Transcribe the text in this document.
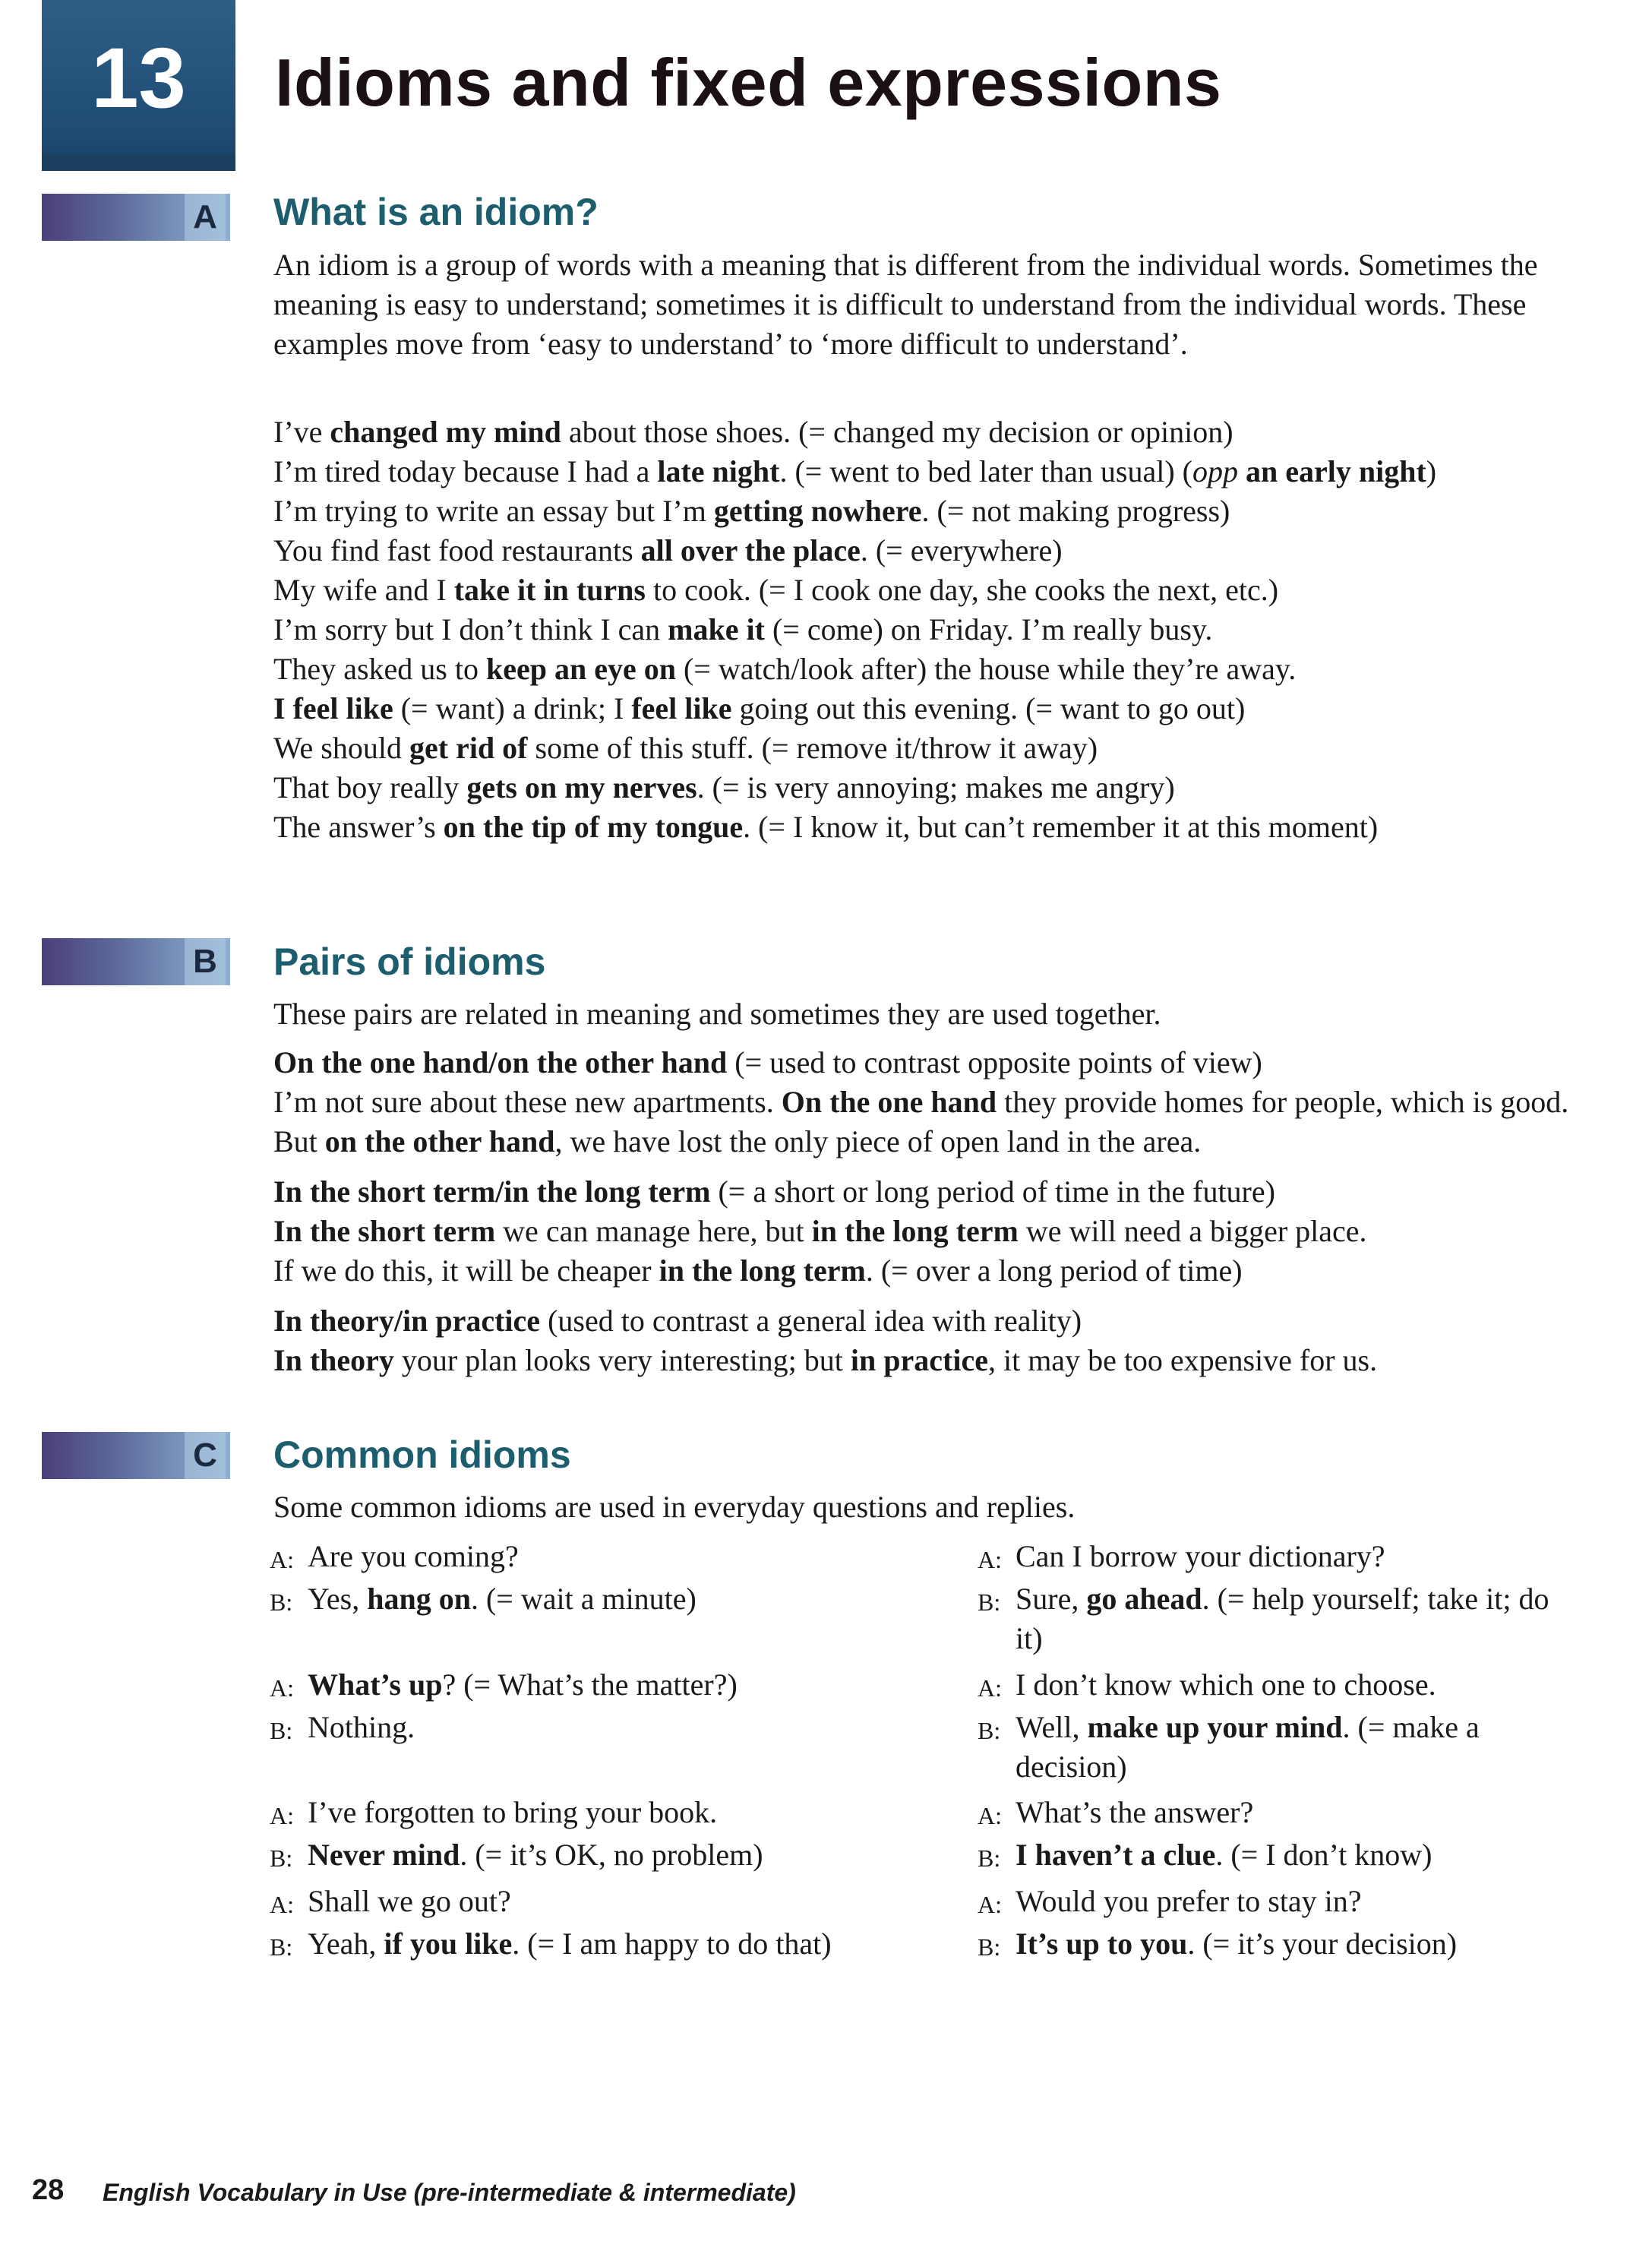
13	Idioms and fixed expressions
A What is an idiom?

An idiom is a group of words with a meaning that is different from the individual words. Sometimes the meaning is easy to understand; sometimes it is difficult to understand from the individual words. These examples move from ‘easy to understand’ to ‘more difficult to understand’.

I’ve changed my mind about those shoes. (= changed my decision or opinion)
I’m tired today because I had a late night. (= went to bed later than usual) (opp an early night)
I’m trying to write an essay but I’m getting nowhere. (= not making progress)
You find fast food restaurants all over the place. (= everywhere)
My wife and I take it in turns to cook. (= I cook one day, she cooks the next, etc.)
I’m sorry but I don’t think I can make it (= come) on Friday. I’m really busy.
They asked us to keep an eye on (= watch/look after) the house while they’re away.
I feel like (= want) a drink; I feel like going out this evening. (= want to go out)
We should get rid of some of this stuff. (= remove it/throw it away)
That boy really gets on my nerves. (= is very annoying; makes me angry)
The answer’s on the tip of my tongue. (= I know it, but can’t remember it at this moment)
B Pairs of idioms

These pairs are related in meaning and sometimes they are used together.

On the one hand/on the other hand (= used to contrast opposite points of view)
I’m not sure about these new apartments. On the one hand they provide homes for people, which is good. But on the other hand, we have lost the only piece of open land in the area.
In the short term/in the long term (= a short or long period of time in the future)
In the short term we can manage here, but in the long term we will need a bigger place.
If we do this, it will be cheaper in the long term. (= over a long period of time)
In theory/in practice (used to contrast a general idea with reality)
In theory your plan looks very interesting; but in practice, it may be too expensive for us.
C Common idioms

Some common idioms are used in everyday questions and replies.

A: Are you coming?
B: Yes, hang on. (= wait a minute)
A: What’s up? (= What’s the matter?)
B: Nothing.
A: I’ve forgotten to bring your book.
B: Never mind. (= it’s OK, no problem)
A: Shall we go out?
B: Yeah, if you like. (= I am happy to do that)
A: Can I borrow your dictionary?
B: Sure, go ahead. (= help yourself; take it; do it)
A: I don’t know which one to choose.
B: Well, make up your mind. (= make a decision)
A: What’s the answer?
B: I haven’t a clue. (= I don’t know)
A: Would you prefer to stay in?
B: It’s up to you. (= it’s your decision)
28 English Vocabulary in Use (pre-intermediate & intermediate)
